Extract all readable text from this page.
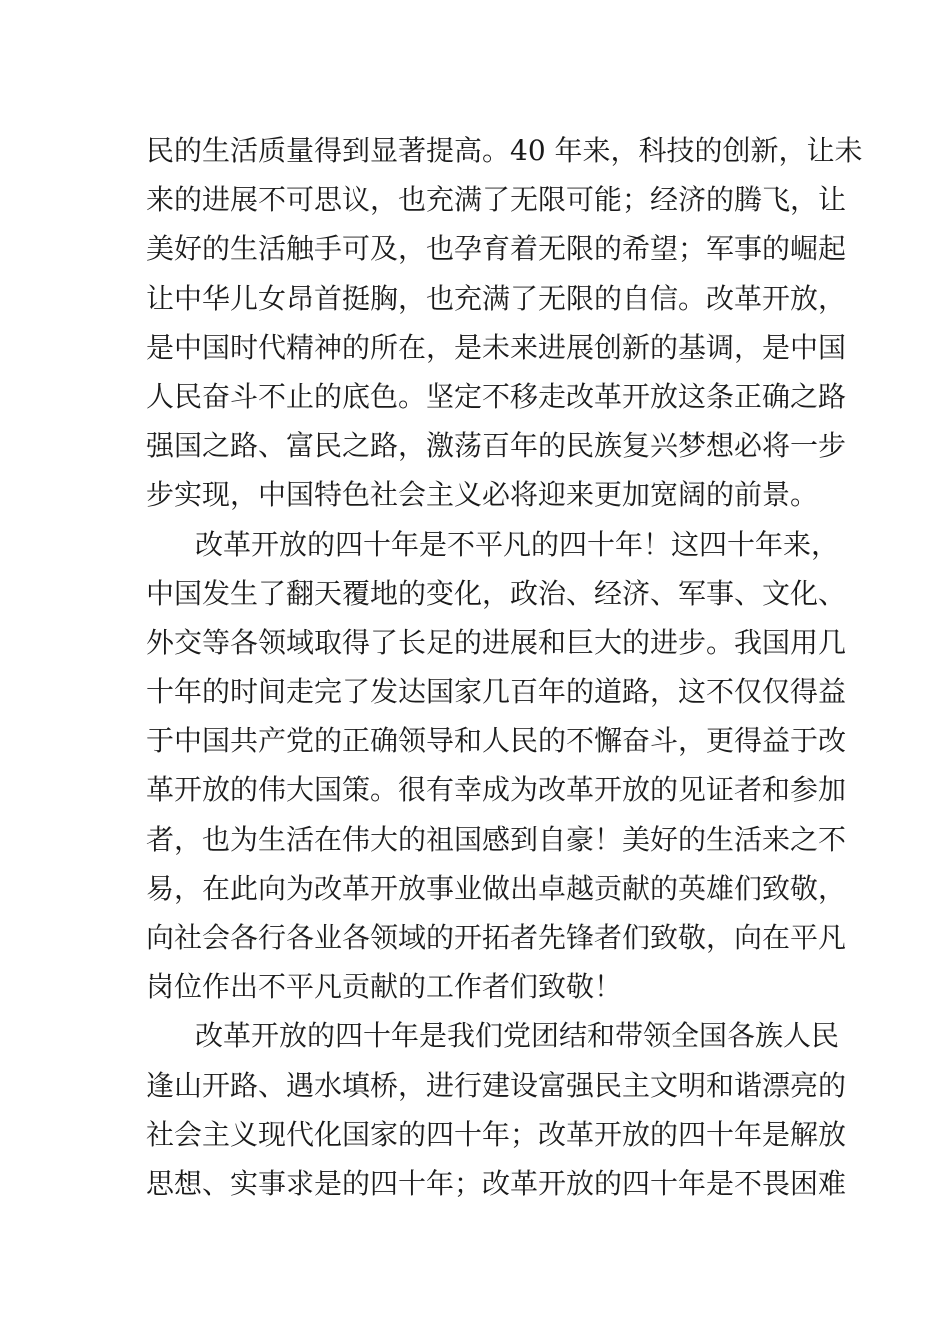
民的生活质量得到显著提高。40 年来，科技的创新，让未
来的进展不可思议，也充满了无限可能；经济的腾飞，让
美好的生活触手可及，也孕育着无限的希望；军事的崛起
让中华儿女昂首挺胸，也充满了无限的自信。改革开放，
是中国时代精神的所在，是未来进展创新的基调，是中国
人民奋斗不止的底色。坚定不移走改革开放这条正确之路
强国之路、富民之路，激荡百年的民族复兴梦想必将一步
步实现，中国特色社会主义必将迎来更加宽阔的前景。
改革开放的四十年是不平凡的四十年！这四十年来，
中国发生了翻天覆地的变化，政治、经济、军事、文化、
外交等各领域取得了长足的进展和巨大的进步。我国用几
十年的时间走完了发达国家几百年的道路，这不仅仅得益
于中国共产党的正确领导和人民的不懈奋斗，更得益于改
革开放的伟大国策。很有幸成为改革开放的见证者和参加
者，也为生活在伟大的祖国感到自豪！美好的生活来之不
易，在此向为改革开放事业做出卓越贡献的英雄们致敬，
向社会各行各业各领域的开拓者先锋者们致敬，向在平凡
岗位作出不平凡贡献的工作者们致敬！
改革开放的四十年是我们党团结和带领全国各族人民
逢山开路、遇水填桥，进行建设富强民主文明和谐漂亮的
社会主义现代化国家的四十年；改革开放的四十年是解放
思想、实事求是的四十年；改革开放的四十年是不畏困难
